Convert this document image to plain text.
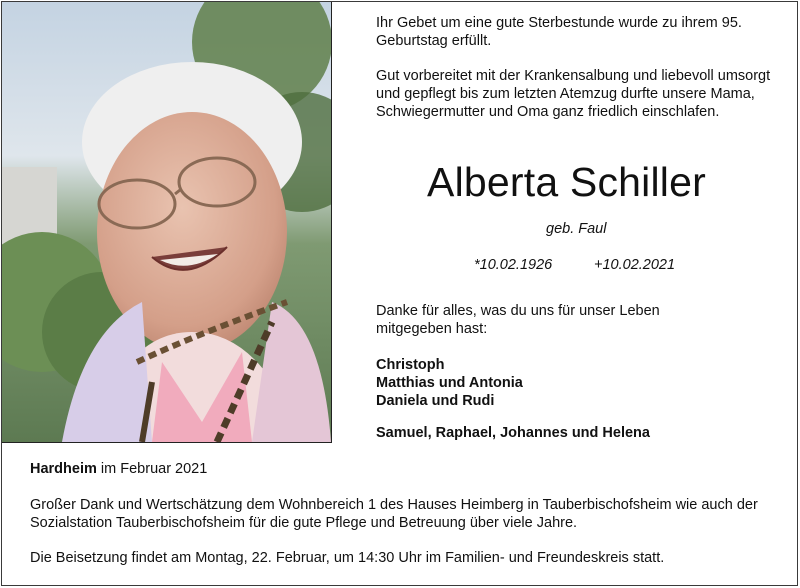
Ihr Gebet um eine gute Sterbestunde wurde zu ihrem 95. Geburtstag erfüllt.

Gut vorbereitet mit der Krankensalbung und liebevoll umsorgt und gepflegt bis zum letzten Atemzug durfte unsere Mama, Schwiegermutter und Oma ganz friedlich einschlafen.

Alberta Schiller
geb. Faul
*10.02.1926	+10.02.2021
Danke für alles, was du uns für unser Leben mitgegeben hast:
Christoph
Matthias und Antonia
Daniela und Rudi
Samuel, Raphael, Johannes und Helena
Hardheim im Februar 2021
Großer Dank und Wertschätzung dem Wohnbereich 1 des Hauses Heimberg in Tauberbischofsheim wie auch der Sozialstation Tauberbischofsheim für die gute Pflege und Betreuung über viele Jahre.
Die Beisetzung findet am Montag, 22. Februar, um 14:30 Uhr im Familien- und Freundeskreis statt.
